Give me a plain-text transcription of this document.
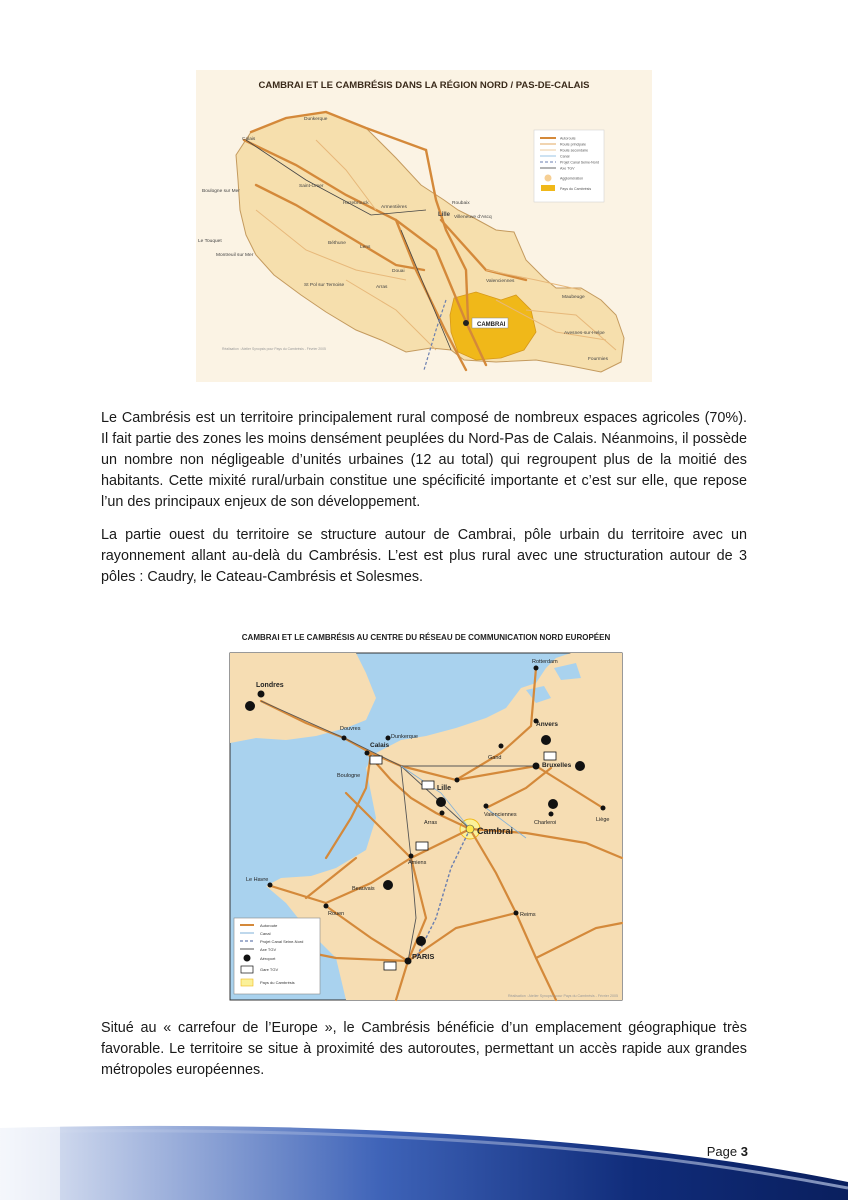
CAMBRAI ET LE CAMBRÉSIS DANS LA RÉGION NORD / PAS-DE-CALAIS
Dunkerque
Calais
Boulogne sur Mer
Saint-Omer
Hazebrouck
Armentières
Lille
Roubaix
Villeneuve d'Ascq
Le Touquet
Montreuil sur Mer
Béthune
Lens
Douai
Arras
St Pol sur Ternoise
Valenciennes
Maubeuge
Avesnes-sur-Helpe
Fourmies
CAMBRAI
Autoroute
Route principale
Route secondaire
Canal
Projet Canal Seine-Nord
Axe TGV
Agglomération
Pays du Cambrésis
Réalisation : Atelier Synopsis pour Pays du Cambrésis - Février 2005

Le Cambrésis est un territoire principalement rural composé de nombreux espaces agricoles (70%). Il fait partie des zones les moins densément peuplées du Nord-Pas de Calais. Néanmoins, il possède un nombre non négligeable d’unités urbaines (12 au total) qui regroupent plus de la moitié des habitants. Cette mixité rural/urbain constitue une spécificité importante et c’est sur elle, que repose l’un des principaux enjeux de son développement.

La partie ouest du territoire se structure autour de Cambrai, pôle urbain du territoire avec un rayonnement allant au-delà du Cambrésis. L’est est plus rural avec une structuration autour de 3 pôles : Caudry, le Cateau-Cambrésis et Solesmes.

CAMBRAI ET LE CAMBRÉSIS AU CENTRE DU RÉSEAU DE COMMUNICATION NORD EUROPÉEN
Londres
Rotterdam
Douvres
Calais
Dunkerque
Boulogne
Anvers
Gand
Bruxelles
Lille
Valenciennes
Arras
Cambrai
Charleroi	Liège
Amiens
Le Havre
Beauvais
Rouen	Reims
PARIS
Autoroute
Canal
Projet Canal Seine-Nord
Axe TGV
Aéroport
Gare TGV
Pays du Cambrésis
Réalisation : Atelier Synopsis pour Pays du Cambrésis - Février 2005

Situé au « carrefour de l’Europe », le Cambrésis bénéficie d’un emplacement géographique très favorable. Le territoire se situe à proximité des autoroutes, permettant un accès rapide aux grandes métropoles européennes.

Page 3
